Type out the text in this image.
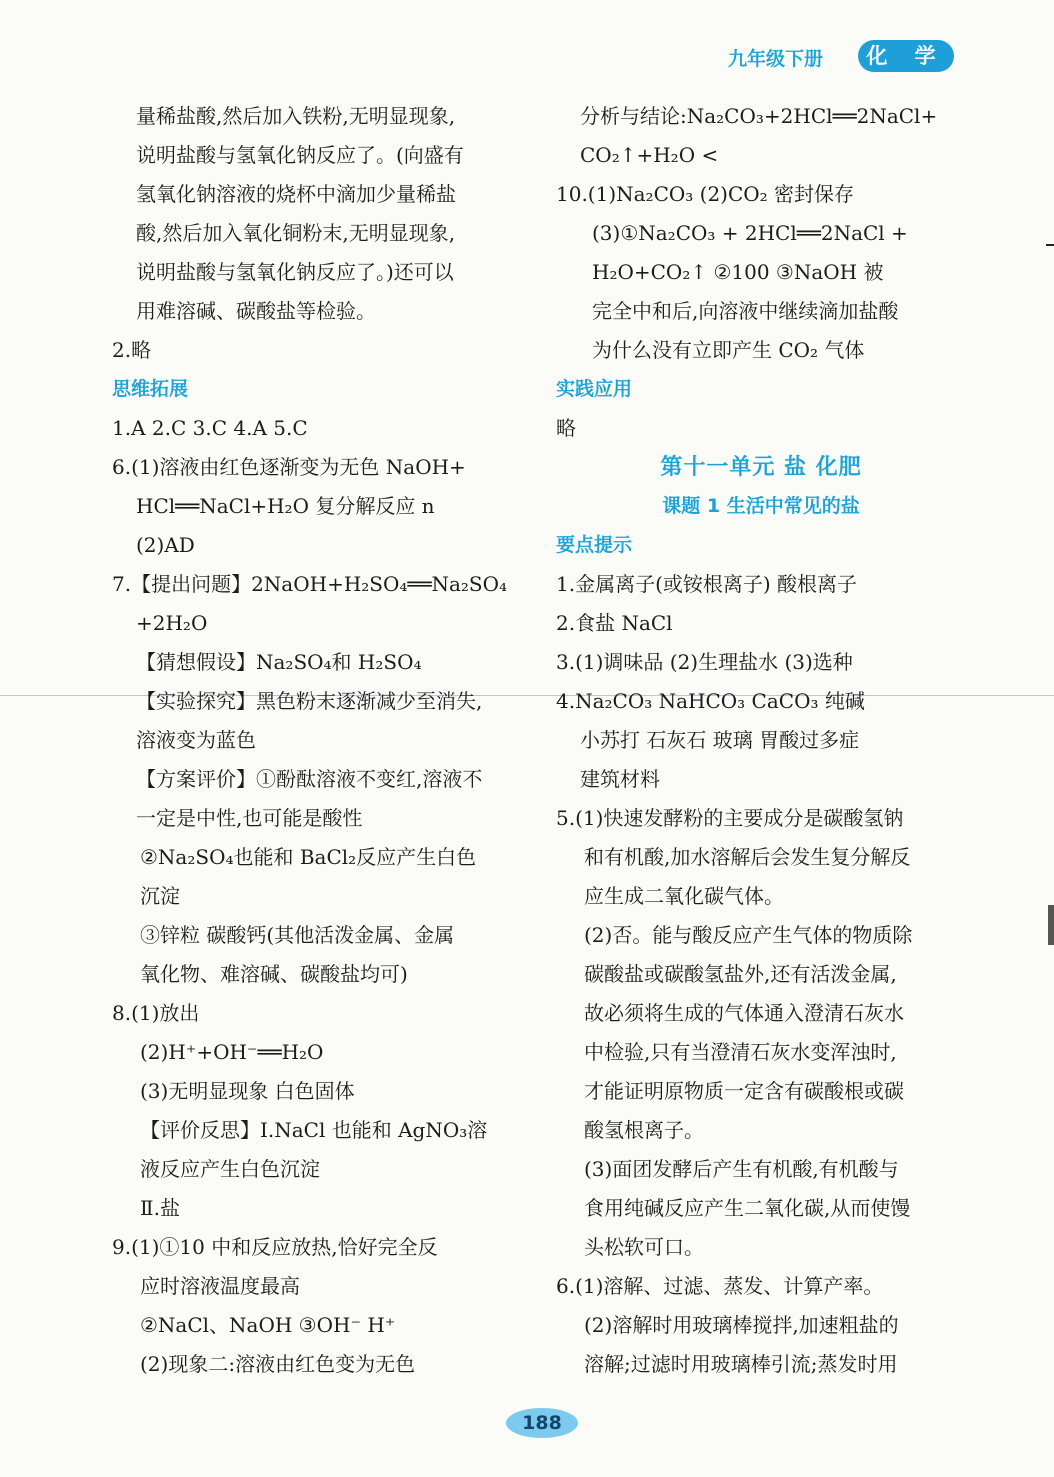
九年级下册	化 学
量稀盐酸,然后加入铁粉,无明显现象,
说明盐酸与氢氧化钠反应了。(向盛有
氢氧化钠溶液的烧杯中滴加少量稀盐
酸,然后加入氧化铜粉末,无明显现象,
说明盐酸与氢氧化钠反应了。)还可以
用难溶碱、碳酸盐等检验。
2.略
思维拓展
1.A 2.C 3.C 4.A 5.C
6.(1)溶液由红色逐渐变为无色 NaOH+
HCl══NaCl+H₂O 复分解反应 n
(2)AD
7.【提出问题】2NaOH+H₂SO₄══Na₂SO₄
+2H₂O
【猜想假设】Na₂SO₄和 H₂SO₄
【实验探究】黑色粉末逐渐减少至消失,
溶液变为蓝色
【方案评价】①酚酞溶液不变红,溶液不
一定是中性,也可能是酸性
②Na₂SO₄也能和 BaCl₂反应产生白色
沉淀
③锌粒 碳酸钙(其他活泼金属、金属
氧化物、难溶碱、碳酸盐均可)
8.(1)放出
(2)H⁺+OH⁻══H₂O
(3)无明显现象 白色固体
【评价反思】Ⅰ.NaCl 也能和 AgNO₃溶
液反应产生白色沉淀
Ⅱ.盐
9.(1)①10 中和反应放热,恰好完全反
应时溶液温度最高
②NaCl、NaOH ③OH⁻ H⁺
(2)现象二:溶液由红色变为无色
分析与结论:Na₂CO₃+2HCl══2NaCl+
CO₂↑+H₂O <
10.(1)Na₂CO₃ (2)CO₂ 密封保存
(3)①Na₂CO₃ + 2HCl══2NaCl +
H₂O+CO₂↑ ②100 ③NaOH 被
完全中和后,向溶液中继续滴加盐酸
为什么没有立即产生 CO₂ 气体
实践应用
略
第十一单元 盐 化肥
课题 1 生活中常见的盐
要点提示
1.金属离子(或铵根离子) 酸根离子
2.食盐 NaCl
3.(1)调味品 (2)生理盐水 (3)选种
4.Na₂CO₃ NaHCO₃ CaCO₃ 纯碱
小苏打 石灰石 玻璃 胃酸过多症
建筑材料
5.(1)快速发酵粉的主要成分是碳酸氢钠
和有机酸,加水溶解后会发生复分解反
应生成二氧化碳气体。
(2)否。能与酸反应产生气体的物质除
碳酸盐或碳酸氢盐外,还有活泼金属,
故必须将生成的气体通入澄清石灰水
中检验,只有当澄清石灰水变浑浊时,
才能证明原物质一定含有碳酸根或碳
酸氢根离子。
(3)面团发酵后产生有机酸,有机酸与
食用纯碱反应产生二氧化碳,从而使馒
头松软可口。
6.(1)溶解、过滤、蒸发、计算产率。
(2)溶解时用玻璃棒搅拌,加速粗盐的
溶解;过滤时用玻璃棒引流;蒸发时用
188
